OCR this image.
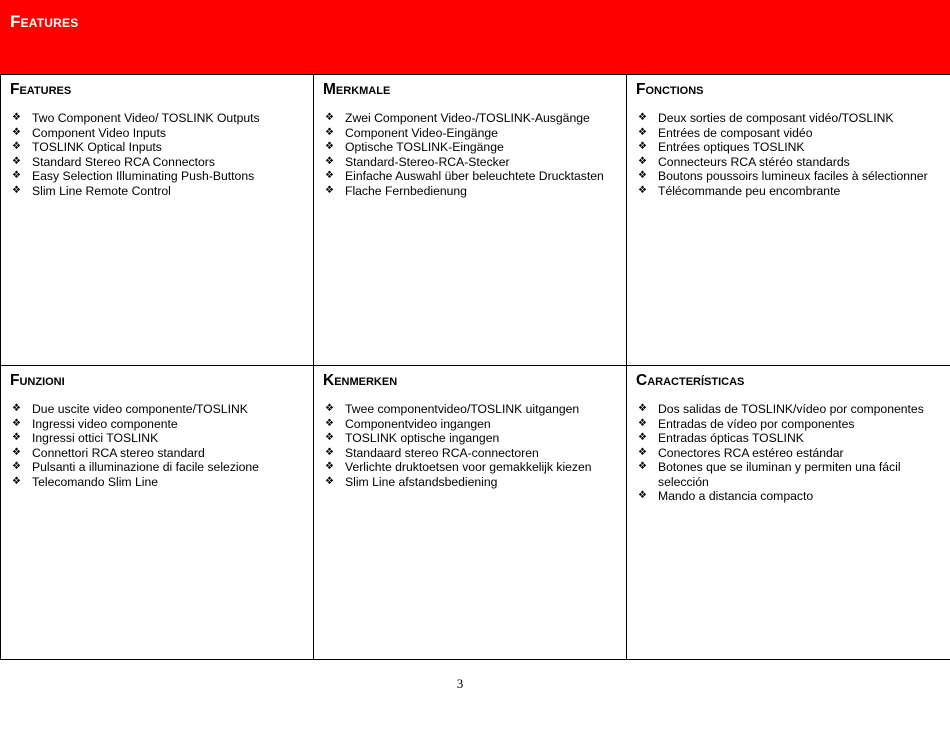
Features
Features
❖ Two Component Video/ TOSLINK Outputs
❖ Component Video Inputs
❖ TOSLINK Optical Inputs
❖ Standard Stereo RCA Connectors
❖ Easy Selection Illuminating Push-Buttons
❖ Slim Line Remote Control
Merkmale
❖ Zwei Component Video-/TOSLINK-Ausgänge
❖ Component Video-Eingänge
❖ Optische TOSLINK-Eingänge
❖ Standard-Stereo-RCA-Stecker
❖ Einfache Auswahl über beleuchtete Drucktasten
❖ Flache Fernbedienung
Fonctions
❖ Deux sorties de composant vidéo/TOSLINK
❖ Entrées de composant vidéo
❖ Entrées optiques TOSLINK
❖ Connecteurs RCA stéréo standards
❖ Boutons poussoirs lumineux faciles à sélectionner
❖ Télécommande peu encombrante
Funzioni
❖ Due uscite video componente/TOSLINK
❖ Ingressi video componente
❖ Ingressi ottici TOSLINK
❖ Connettori RCA stereo standard
❖ Pulsanti a illuminazione di facile selezione
❖ Telecomando Slim Line
Kenmerken
❖ Twee componentvideo/TOSLINK uitgangen
❖ Componentvideo ingangen
❖ TOSLINK optische ingangen
❖ Standaard stereo RCA-connectoren
❖ Verlichte druktoetsen voor gemakkelijk kiezen
❖ Slim Line afstandsbediening
Características
❖ Dos salidas de TOSLINK/vídeo por componentes
❖ Entradas de vídeo por componentes
❖ Entradas ópticas TOSLINK
❖ Conectores RCA estéreo estándar
❖ Botones que se iluminan y permiten una fácil selección
❖ Mando a distancia compacto
3
